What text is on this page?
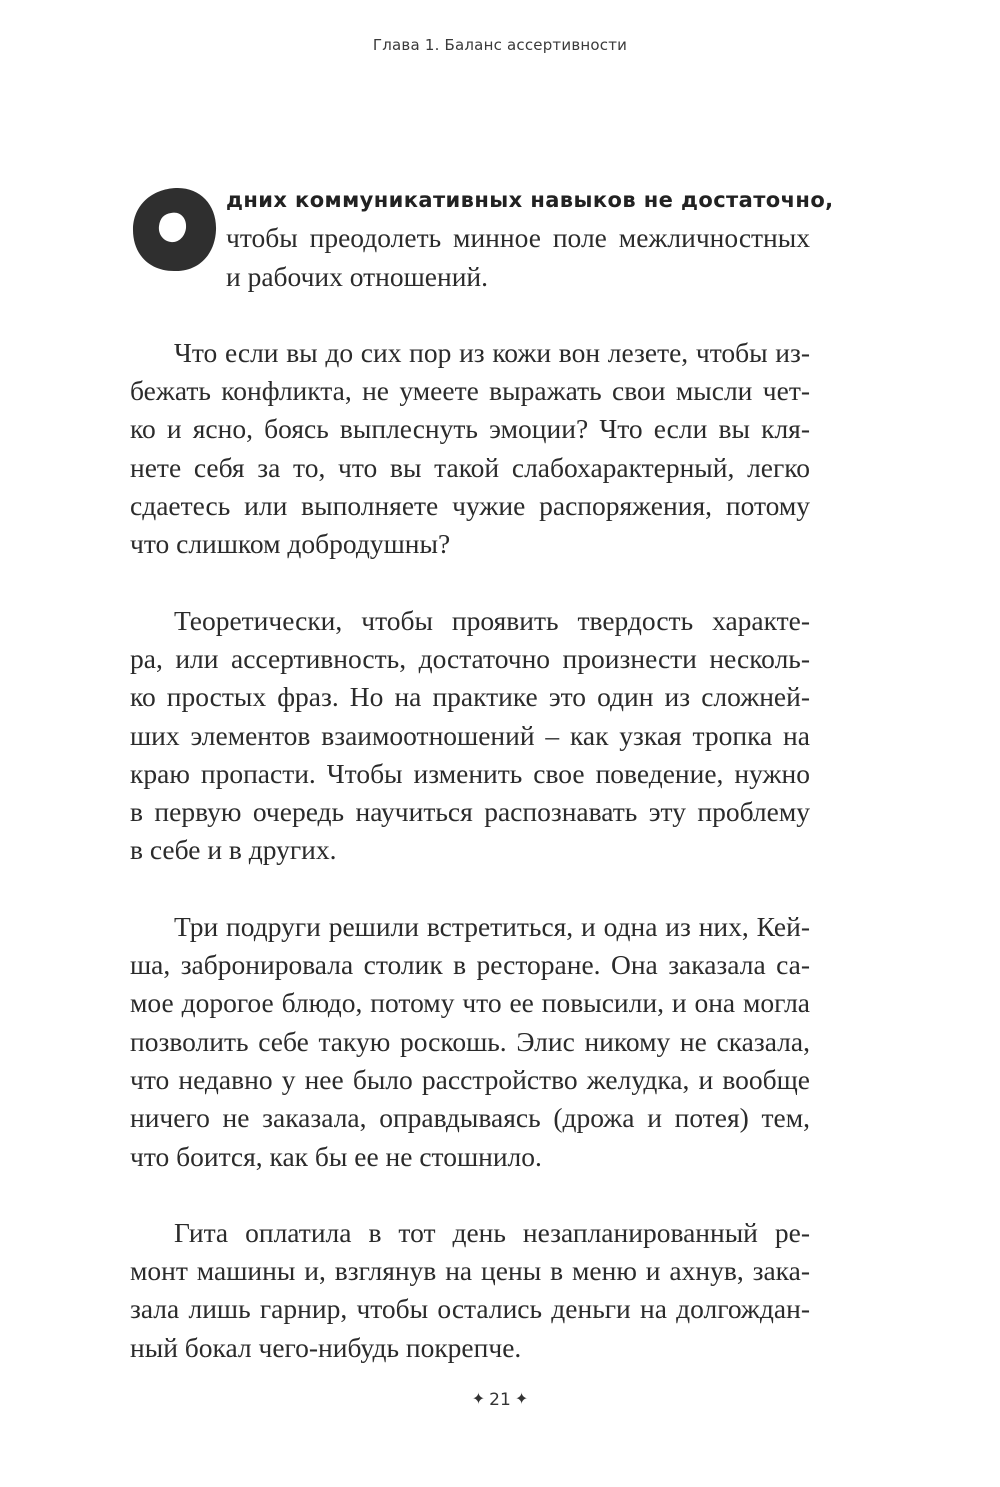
Глава 1. Баланс ассертивности
дних коммуникативных навыков не достаточно,
чтобы преодолеть минное поле межличностных
и рабочих отношений.
Что если вы до сих пор из кожи вон лезете, чтобы из-
бежать конфликта, не умеете выражать свои мысли чет-
ко и ясно, боясь выплеснуть эмоции? Что если вы кля-
нете себя за то, что вы такой слабохарактерный, легко
сдаетесь или выполняете чужие распоряжения, потому
что слишком добродушны?
Теоретически, чтобы проявить твердость характе-
ра, или ассертивность, достаточно произнести несколь-
ко простых фраз. Но на практике это один из сложней-
ших элементов взаимоотношений – как узкая тропка на
краю пропасти. Чтобы изменить свое поведение, нужно
в первую очередь научиться распознавать эту проблему
в себе и в других.
Три подруги решили встретиться, и одна из них, Кей-
ша, забронировала столик в ресторане. Она заказала са-
мое дорогое блюдо, потому что ее повысили, и она могла
позволить себе такую роскошь. Элис никому не сказала,
что недавно у нее было расстройство желудка, и вообще
ничего не заказала, оправдываясь (дрожа и потея) тем,
что боится, как бы ее не стошнило.
Гита оплатила в тот день незапланированный ре-
монт машины и, взглянув на цены в меню и ахнув, зака-
зала лишь гарнир, чтобы остались деньги на долгождан-
ный бокал чего-нибудь покрепче.
✦ 21 ✦
